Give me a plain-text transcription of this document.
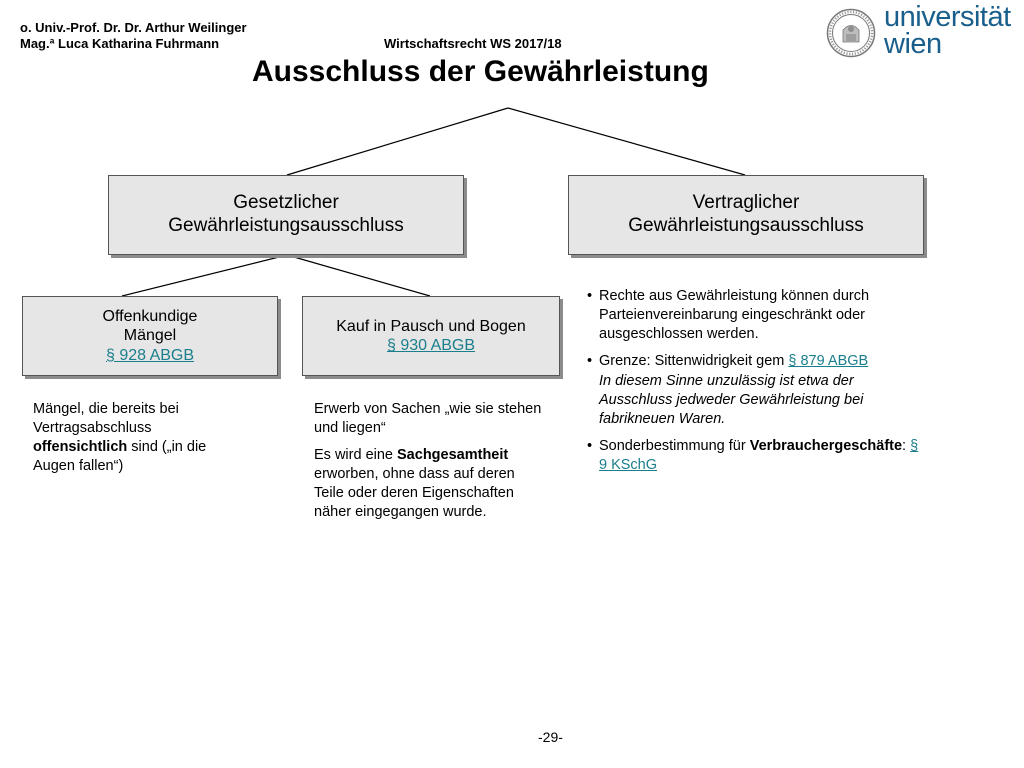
o. Univ.-Prof. Dr. Dr. Arthur Weilinger
Mag.ª Luca Katharina Fuhrmann	Wirtschaftsrecht WS 2017/18
universität
wien
Ausschluss der Gewährleistung
Gesetzlicher
Gewährleistungsausschluss
Vertraglicher
Gewährleistungsausschluss
Offenkundige
Mängel
§ 928 ABGB
Kauf in Pausch und Bogen
§ 930 ABGB

Mängel, die bereits bei Vertragsabschluss offensichtlich sind („in die Augen fallen“)

Erwerb von Sachen „wie sie stehen und liegen“

Es wird eine Sachgesamtheit erworben, ohne dass auf deren Teile oder deren Eigenschaften näher eingegangen wurde.

• Rechte aus Gewährleistung können durch Parteienvereinbarung eingeschränkt oder ausgeschlossen werden.
• Grenze: Sittenwidrigkeit gem § 879 ABGB
In diesem Sinne unzulässig ist etwa der Ausschluss jedweder Gewährleistung bei fabrikneuen Waren.
• Sonderbestimmung für Verbrauchergeschäfte: § 9 KSchG
-29-
